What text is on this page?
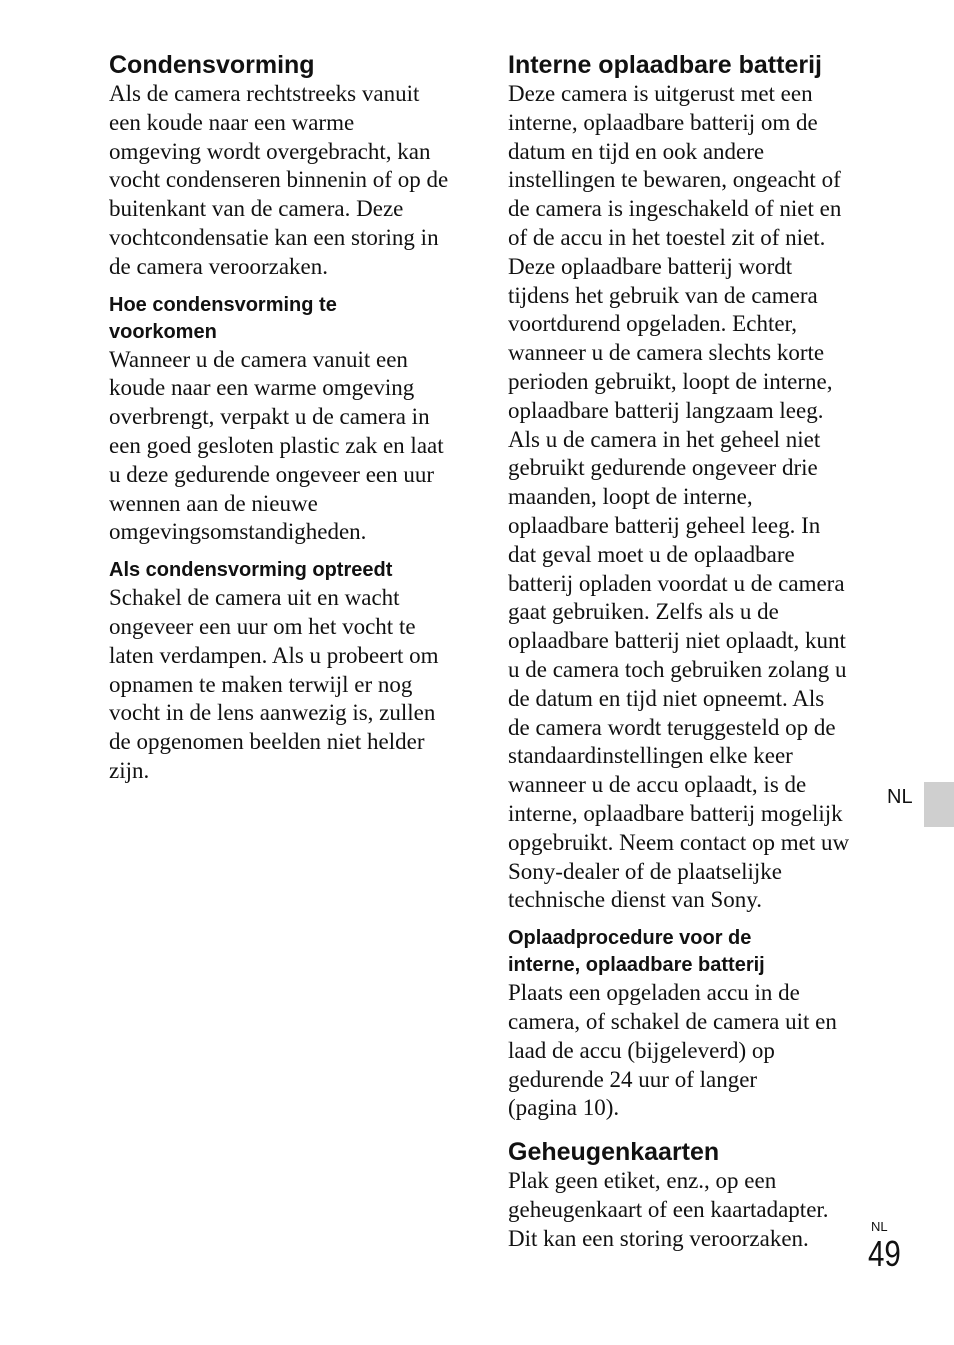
Condensvorming

Als de camera rechtstreeks vanuit
een koude naar een warme
omgeving wordt overgebracht, kan
vocht condenseren binnenin of op de
buitenkant van de camera. Deze
vochtcondensatie kan een storing in
de camera veroorzaken.

Hoe condensvorming te
voorkomen

Wanneer u de camera vanuit een
koude naar een warme omgeving
overbrengt, verpakt u de camera in
een goed gesloten plastic zak en laat
u deze gedurende ongeveer een uur
wennen aan de nieuwe
omgevingsomstandigheden.

Als condensvorming optreedt

Schakel de camera uit en wacht
ongeveer een uur om het vocht te
laten verdampen. Als u probeert om
opnamen te maken terwijl er nog
vocht in de lens aanwezig is, zullen
de opgenomen beelden niet helder
zijn.

Interne oplaadbare batterij

Deze camera is uitgerust met een
interne, oplaadbare batterij om de
datum en tijd en ook andere
instellingen te bewaren, ongeacht of
de camera is ingeschakeld of niet en
of de accu in het toestel zit of niet.
Deze oplaadbare batterij wordt
tijdens het gebruik van de camera
voortdurend opgeladen. Echter,
wanneer u de camera slechts korte
perioden gebruikt, loopt de interne,
oplaadbare batterij langzaam leeg.
Als u de camera in het geheel niet
gebruikt gedurende ongeveer drie
maanden, loopt de interne,
oplaadbare batterij geheel leeg. In
dat geval moet u de oplaadbare
batterij opladen voordat u de camera
gaat gebruiken. Zelfs als u de
oplaadbare batterij niet oplaadt, kunt
u de camera toch gebruiken zolang u
de datum en tijd niet opneemt. Als
de camera wordt teruggesteld op de
standaardinstellingen elke keer
wanneer u de accu oplaadt, is de
interne, oplaadbare batterij mogelijk
opgebruikt. Neem contact op met uw
Sony-dealer of de plaatselijke
technische dienst van Sony.

Oplaadprocedure voor de
interne, oplaadbare batterij

Plaats een opgeladen accu in de
camera, of schakel de camera uit en
laad de accu (bijgeleverd) op
gedurende 24 uur of langer
(pagina 10).

Geheugenkaarten

Plak geen etiket, enz., op een
geheugenkaart of een kaartadapter.
Dit kan een storing veroorzaken.

NL
NL
49
